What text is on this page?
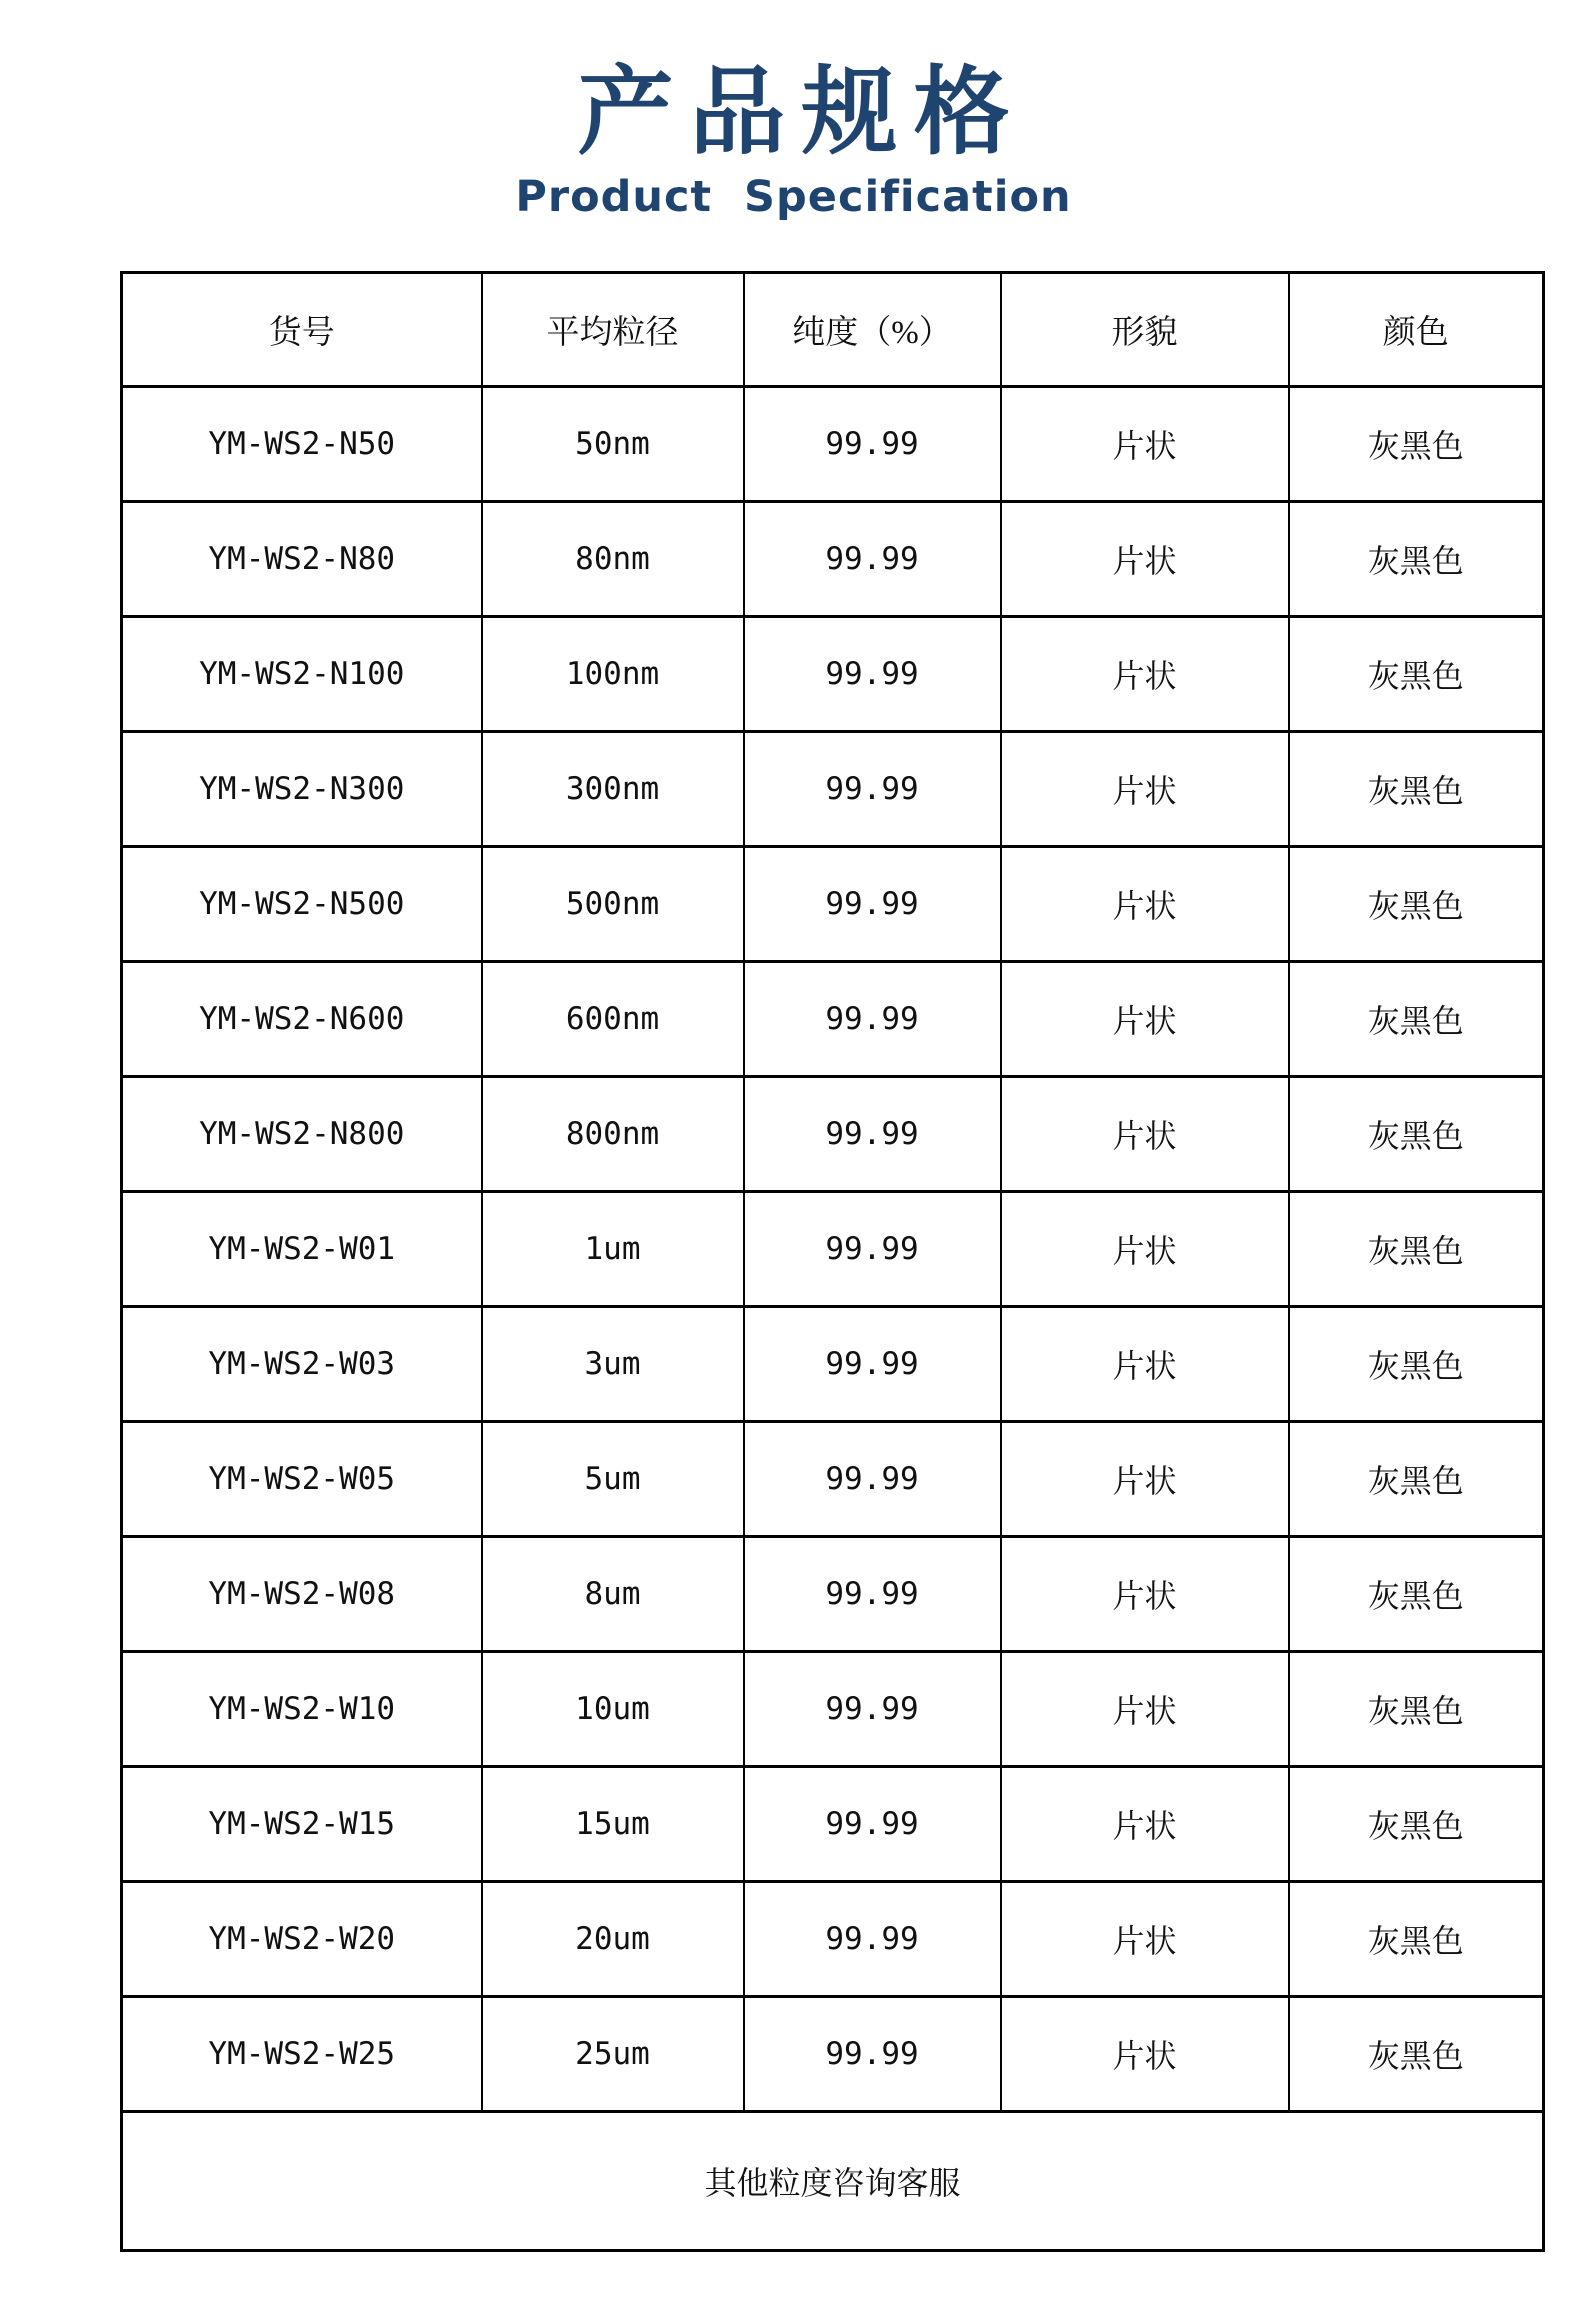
产品规格
Product Specification
货号	平均粒径	纯度（%）	形貌	颜色
YM-WS2-N50	50nm	99.99	片状	灰黑色
YM-WS2-N80	80nm	99.99	片状	灰黑色
YM-WS2-N100	100nm	99.99	片状	灰黑色
YM-WS2-N300	300nm	99.99	片状	灰黑色
YM-WS2-N500	500nm	99.99	片状	灰黑色
YM-WS2-N600	600nm	99.99	片状	灰黑色
YM-WS2-N800	800nm	99.99	片状	灰黑色
YM-WS2-W01	1um	99.99	片状	灰黑色
YM-WS2-W03	3um	99.99	片状	灰黑色
YM-WS2-W05	5um	99.99	片状	灰黑色
YM-WS2-W08	8um	99.99	片状	灰黑色
YM-WS2-W10	10um	99.99	片状	灰黑色
YM-WS2-W15	15um	99.99	片状	灰黑色
YM-WS2-W20	20um	99.99	片状	灰黑色
YM-WS2-W25	25um	99.99	片状	灰黑色
其他粒度咨询客服				
